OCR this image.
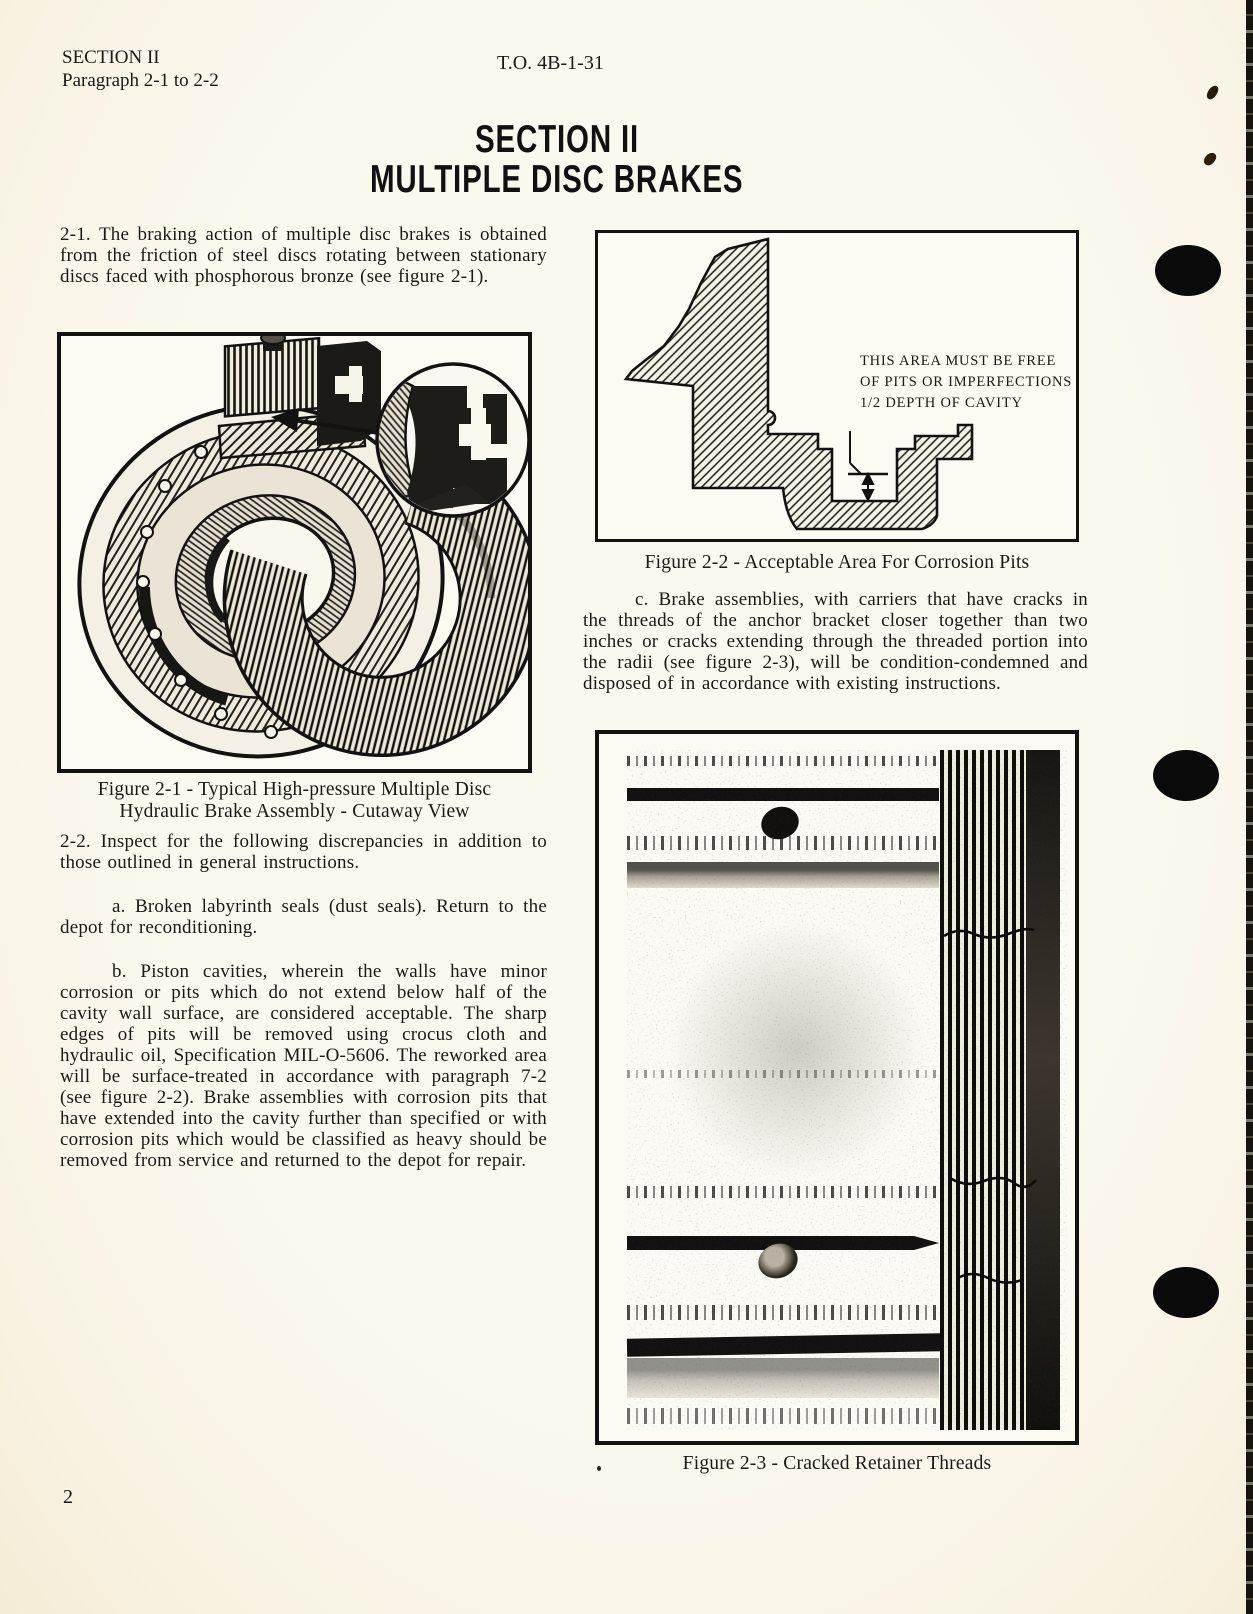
SECTION II
Paragraph 2-1 to 2-2
T.O. 4B-1-31
SECTION II
MULTIPLE DISC BRAKES
2-1. The braking action of multiple disc brakes is obtained from the friction of steel discs rotating between stationary discs faced with phosphorous bronze (see figure 2-1).
Figure 2-1 - Typical High-pressure Multiple Disc
Hydraulic Brake Assembly - Cutaway View
2-2. Inspect for the following discrepancies in addition to those outlined in general instructions.
a. Broken labyrinth seals (dust seals). Return to the depot for reconditioning.
b. Piston cavities, wherein the walls have minor corrosion or pits which do not extend below half of the cavity wall surface, are considered acceptable. The sharp edges of pits will be removed using crocus cloth and hydraulic oil, Specification MIL-O-5606. The reworked area will be surface-treated in accordance with paragraph 7-2 (see figure 2-2). Brake assemblies with corrosion pits that have extended into the cavity further than specified or with corrosion pits which would be classified as heavy should be removed from service and returned to the depot for repair.
THIS AREA MUST BE FREE
OF PITS OR IMPERFECTIONS
1/2 DEPTH OF CAVITY
Figure 2-2 - Acceptable Area For Corrosion Pits
c. Brake assemblies, with carriers that have cracks in the threads of the anchor bracket closer together than two inches or cracks extending through the threaded portion into the radii (see figure 2-3), will be condition-condemned and disposed of in accordance with existing instructions.
Figure 2-3 - Cracked Retainer Threads
2
